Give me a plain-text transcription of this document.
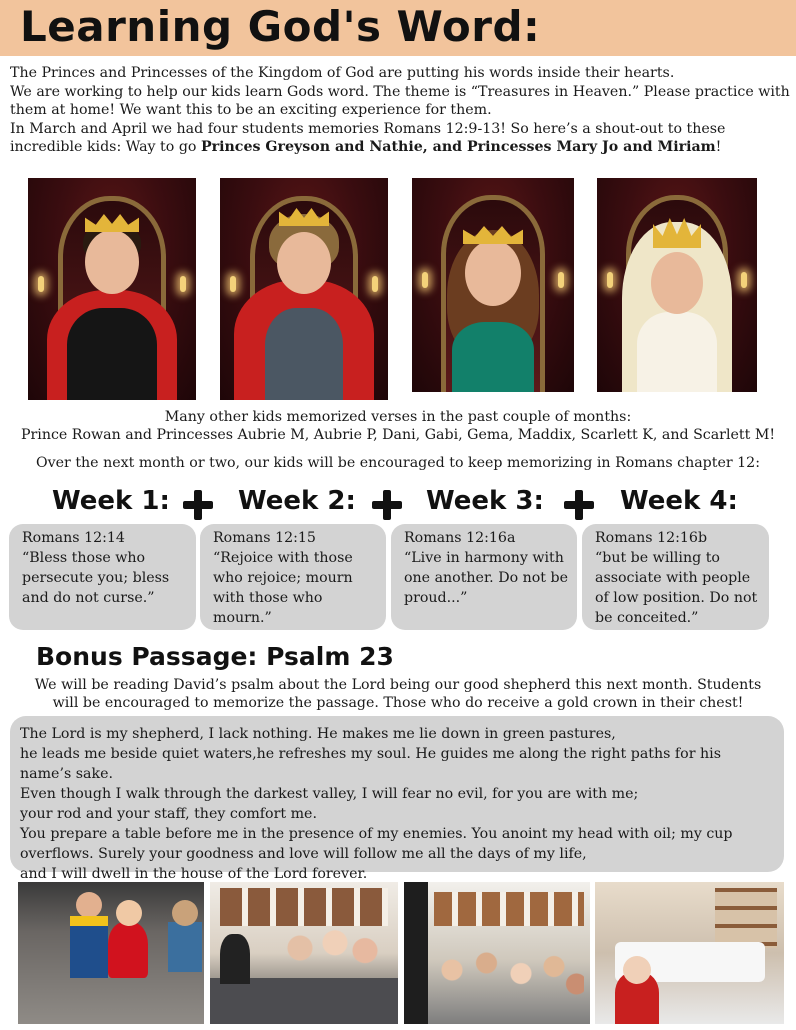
Learning God's Word:

The Princes and Princesses of the Kingdom of God are putting his words inside their hearts.

We are working to help our kids learn Gods word. The theme is “Treasures in Heaven.” Please practice with them at home! We want this to be an exciting experience for them.

In March and April we had four students memories Romans 12:9-13! So here’s a shout-out to these incredible kids: Way to go Princes Greyson and Nathie, and Princesses Mary Jo and Miriam!

Many other kids memorized verses in the past couple of months:
Prince Rowan and Princesses Aubrie M, Aubrie P, Dani, Gabi, Gema, Maddix, Scarlett K, and Scarlett M!
Over the next month or two, our kids will be encouraged to keep memorizing in Romans chapter 12:
Week 1:	Week 2:	Week 3:	Week 4:
Romans 12:14
“Bless those who persecute you; bless and do not curse.”
Romans 12:15
“Rejoice with those who rejoice; mourn with those who mourn.”
Romans 12:16a
“Live in harmony with one another. Do not be proud...”
Romans 12:16b
“but be willing to associate with people of low position. Do not be conceited.”
Bonus Passage: Psalm 23
We will be reading David’s psalm about the Lord being our good shepherd this next month. Students
will be encouraged to memorize the passage. Those who do receive a gold crown in their chest!

The Lord is my shepherd, I lack nothing. He makes me lie down in green pastures,

he leads me beside quiet waters,he refreshes my soul. He guides me along the right paths for his name’s sake.

Even though I walk through the darkest valley, I will fear no evil, for you are with me;

your rod and your staff, they comfort me.

You prepare a table before me in the presence of my enemies. You anoint my head with oil; my cup

overflows. Surely your goodness and love will follow me all the days of my life,

and I will dwell in the house of the Lord forever.
